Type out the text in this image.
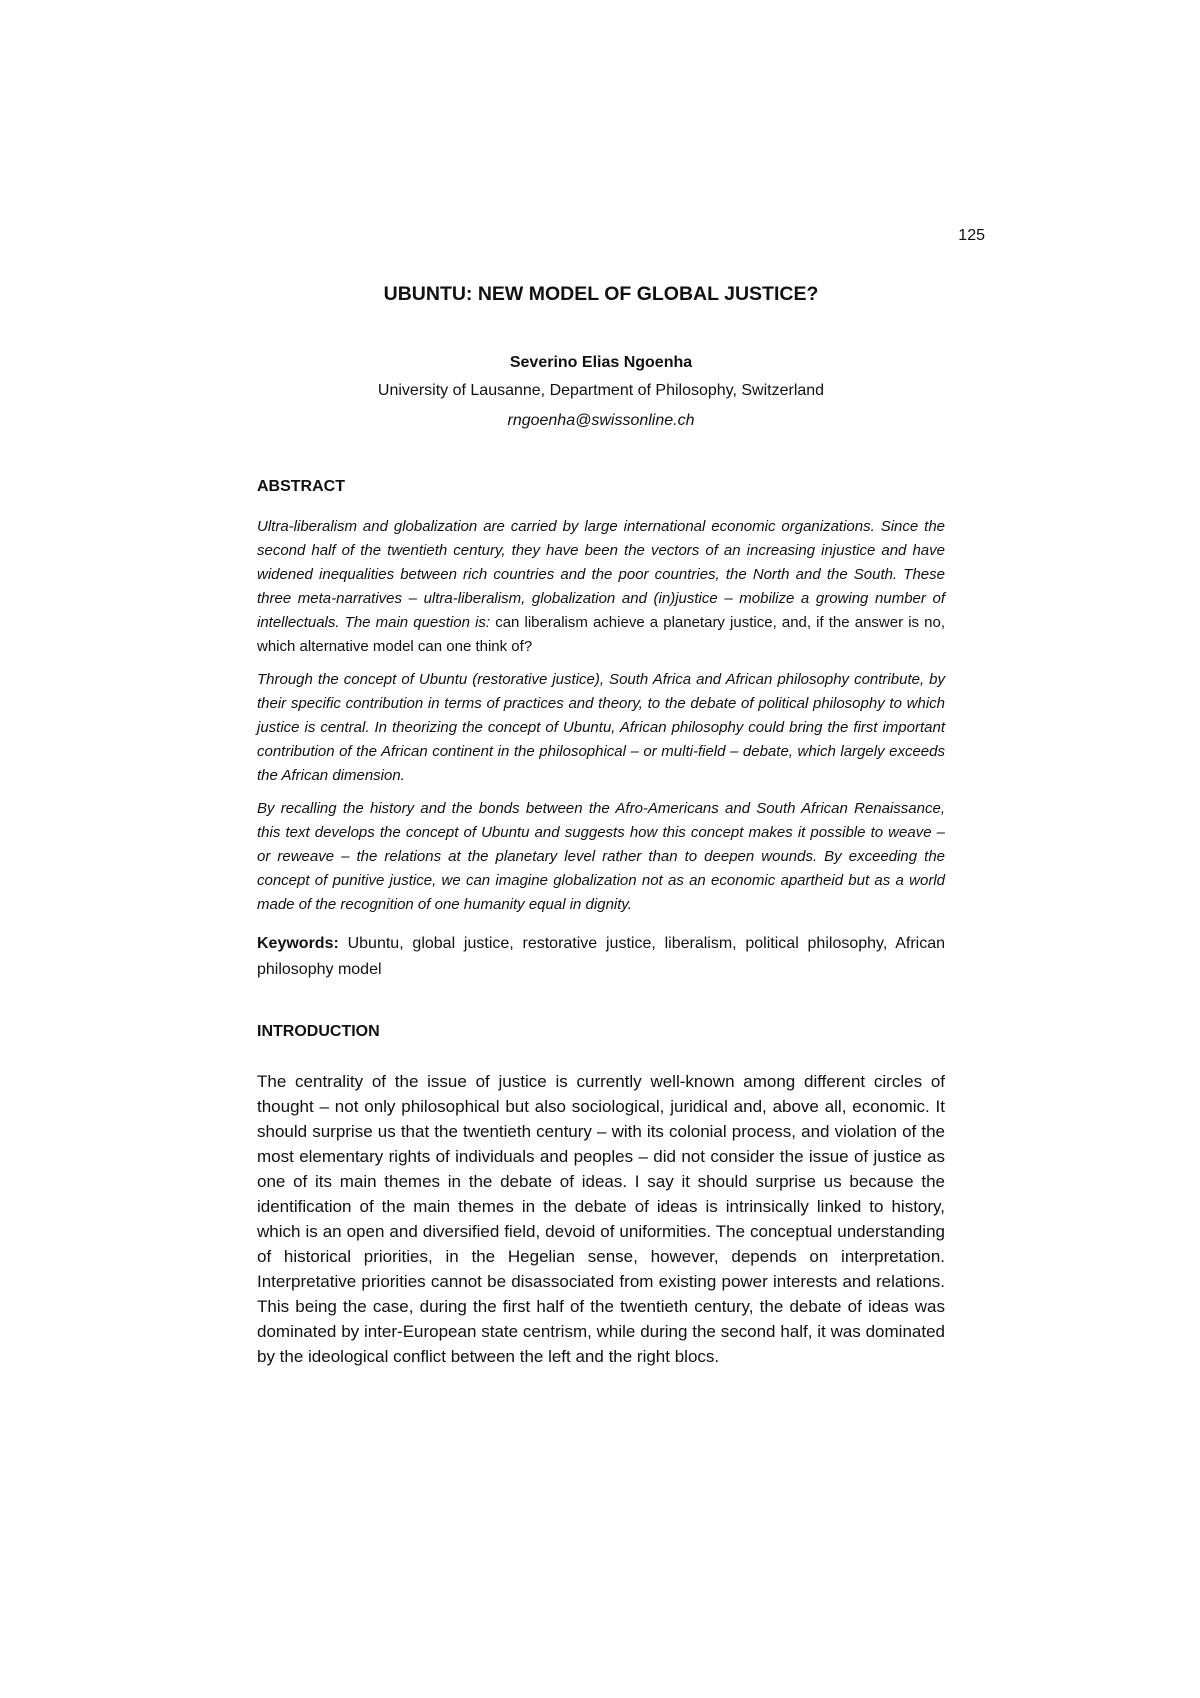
125
UBUNTU: NEW MODEL OF GLOBAL JUSTICE?
Severino Elias Ngoenha
University of Lausanne, Department of Philosophy, Switzerland
rngoenha@swissonline.ch
ABSTRACT

Ultra-liberalism and globalization are carried by large international economic organizations. Since the second half of the twentieth century, they have been the vectors of an increasing injustice and have widened inequalities between rich countries and the poor countries, the North and the South. These three meta-narratives – ultra-liberalism, globalization and (in)justice – mobilize a growing number of intellectuals. The main question is: can liberalism achieve a planetary justice, and, if the answer is no, which alternative model can one think of?

Through the concept of Ubuntu (restorative justice), South Africa and African philosophy contribute, by their specific contribution in terms of practices and theory, to the debate of political philosophy to which justice is central. In theorizing the concept of Ubuntu, African philosophy could bring the first important contribution of the African continent in the philosophical – or multi-field – debate, which largely exceeds the African dimension.

By recalling the history and the bonds between the Afro-Americans and South African Renaissance, this text develops the concept of Ubuntu and suggests how this concept makes it possible to weave – or reweave – the relations at the planetary level rather than to deepen wounds. By exceeding the concept of punitive justice, we can imagine globalization not as an economic apartheid but as a world made of the recognition of one humanity equal in dignity.

Keywords: Ubuntu, global justice, restorative justice, liberalism, political philosophy, African philosophy model

INTRODUCTION

The centrality of the issue of justice is currently well-known among different circles of thought – not only philosophical but also sociological, juridical and, above all, economic. It should surprise us that the twentieth century – with its colonial process, and violation of the most elementary rights of individuals and peoples – did not consider the issue of justice as one of its main themes in the debate of ideas. I say it should surprise us because the identification of the main themes in the debate of ideas is intrinsically linked to history, which is an open and diversified field, devoid of uniformities. The conceptual understanding of historical priorities, in the Hegelian sense, however, depends on interpretation. Interpretative priorities cannot be disassociated from existing power interests and relations. This being the case, during the first half of the twentieth century, the debate of ideas was dominated by inter-European state centrism, while during the second half, it was dominated by the ideological conflict between the left and the right blocs.
